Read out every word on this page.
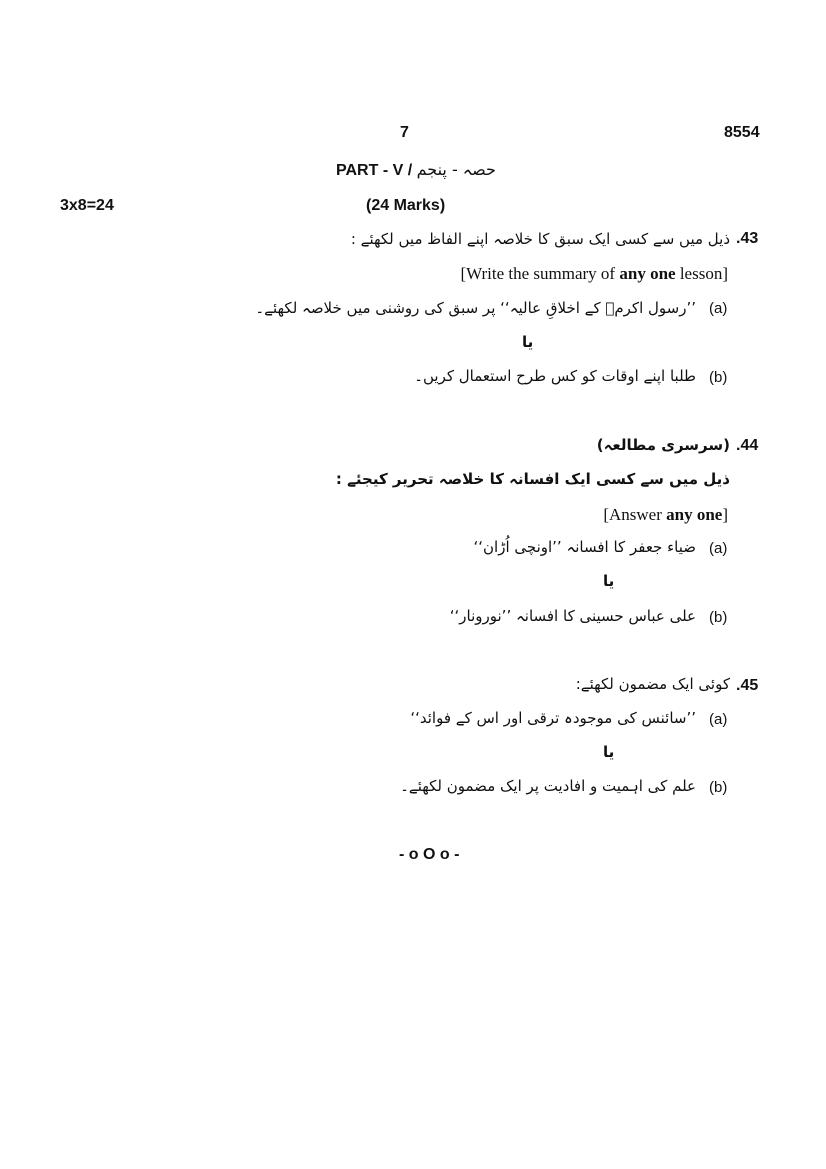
7	8554
PART - V / حصہ - پنجم
3x8=24	(24 Marks)
.43
ذیل میں سے کسی ایک سبق کا خلاصہ اپنے الفاظ میں لکھئے :
[Write the summary of any one lesson]
(a)
’’رسول اکرمؐ کے اخلاقِ عالیہ‘‘ پر سبق کی روشنی میں خلاصہ لکھئے۔
یا
(b)
طلبا اپنے اوقات کو کس طرح استعمال کریں۔
.44
(سرسری مطالعہ)
ذیل میں سے کسی ایک افسانہ کا خلاصہ تحریر کیجئے :
[Answer any one]
(a)
ضیاء جعفر کا افسانہ ’’اونچی اُڑان‘‘
یا
(b)
علی عباس حسینی کا افسانہ ’’نورونار‘‘
.45
کوئی ایک مضمون لکھئے:
(a)
’’سائنس کی موجودہ ترقی اور اس کے فوائد‘‘
یا
(b)
علم کی اہمیت و افادیت پر ایک مضمون لکھئے۔
- o O o -
